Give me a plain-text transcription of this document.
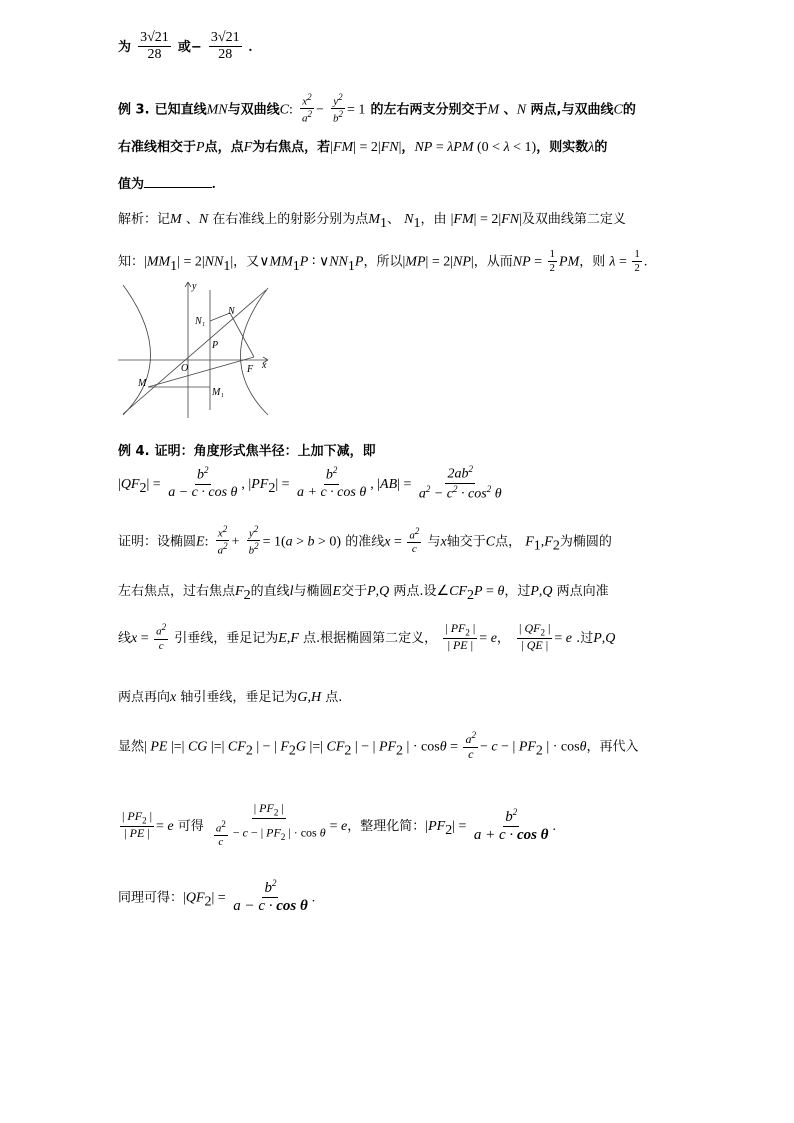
为 $\frac{3√21}{28}$ 或− $\frac{3√21}{28}$ .
例 3. 已知直线MN与双曲线C: $\frac{x^2}{a^2} - \frac{y^2}{b^2} = 1$ 的左右两支分别交于M 、N 两点,与双曲线C的
右准线相交于P点，点F为右焦点，若|FM| = 2|FN|，NP = λPM (0 < λ < 1)，则实数λ的
值为	.
解析：记M 、N 在右准线上的射影分别为点$M_1$、 $N_1$，由 |FM| = 2|FN|及双曲线第二定义
知：$|MM_1| = 2|NN_1|$，又$\vee MM_1P$ ∶ $\vee NN_1P$，所以|MP| = 2|NP|，从而NP = $\frac{1}{2}$ PM，则 $\lambda = \frac{1}{2}$ .
y
N₁
N
P
O	F x
M
M₁
例 4. 证明：角度形式焦半径：上加下减，即
$|QF_2| = \frac{b^2}{\text{a − c · cos θ}}$ , $|PF_2| = \frac{b^2}{\text{a + c · cos θ}}$ , $|AB| = \frac{2ab^2}{a^2 - c^2 \cdot \cos^2 \theta}$
证明：设椭圆E: $\frac{x^2}{a^2} + \frac{y^2}{b^2} = 1(a > b > 0)$ 的准线$x = \frac{a^2}{c}$ 与x轴交于C点， $F_1,F_2$为椭圆的
左右焦点，过右焦点$F_2$的直线l与椭圆E交于P,Q 两点.设$\angle CF_2P = \theta$，过P,Q 两点向准
线$x = \frac{a^2}{c}$ 引垂线，垂足记为E,F 点.根据椭圆第二定义， $\frac{| PF_2 |}{| PE |} = e$， $\frac{| QF_2 |}{| QE |} = e$ .过P,Q
两点再向x 轴引垂线，垂足记为G,H 点.
显然| PE |=| CG |=| $CF_2$ | − | $F_2G$ |=| $CF_2$ | − | $PF_2$ | · $\cos\theta = \frac{a^2}{c} - c$ − | $PF_2$ | · cosθ，再代入
$\frac{| PF_2 |}{| PE |} = e$ 可得 $\frac{| PF_2 |}{\frac{a^2}{c} - c - | PF_2 | \cdot \cos \theta} = e$，整理化简：$|PF_2| = \frac{b^2}{\text{a + c · cos θ}}$ .
同理可得：$|QF_2| = \frac{b^2}{\text{a − c · cos θ}}$ .
